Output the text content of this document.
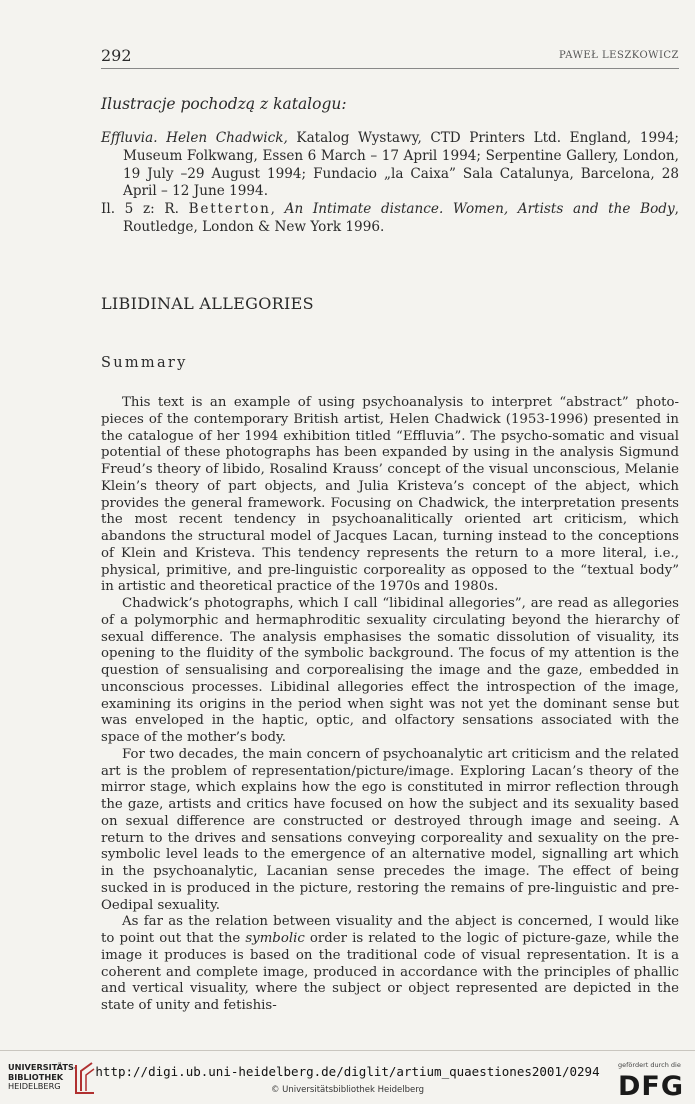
292	PAWEŁ LESZKOWICZ
Ilustracje pochodzą z katalogu:

Effluvia. Helen Chadwick, Katalog Wystawy, CTD Printers Ltd. England, 1994; Museum Folkwang, Essen 6 March – 17 April 1994; Serpentine Gallery, London, 19 July –29 August 1994; Fundacio „la Caixa” Sala Catalunya, Barcelona, 28 April – 12 June 1994.

Il. 5 z: R. Betterton, An Intimate distance. Women, Artists and the Body, Routledge, London & New York 1996.

LIBIDINAL ALLEGORIES
Summary

This text is an example of using psychoanalysis to interpret “abstract” photo-pieces of the contemporary British artist, Helen Chadwick (1953-1996) presented in the catalogue of her 1994 exhibition titled “Effluvia”. The psycho-somatic and visual potential of these photographs has been expanded by using in the analysis Sigmund Freud’s theory of libido, Rosalind Krauss’ concept of the visual unconscious, Melanie Klein’s theory of part objects, and Julia Kristeva’s concept of the abject, which provides the general framework. Focusing on Chadwick, the interpretation presents the most recent tendency in psychoanalitically oriented art criticism, which abandons the structural model of Jacques Lacan, turning instead to the conceptions of Klein and Kristeva. This tendency represents the return to a more literal, i.e., physical, primitive, and pre-linguistic corporeality as opposed to the “textual body” in artistic and theoretical practice of the 1970s and 1980s.

Chadwick’s photographs, which I call “libidinal allegories”, are read as allegories of a polymorphic and hermaphroditic sexuality circulating beyond the hierarchy of sexual difference. The analysis emphasises the somatic dissolution of visuality, its opening to the fluidity of the symbolic background. The focus of my attention is the question of sensualising and corporealising the image and the gaze, embedded in unconscious processes. Libidinal allegories effect the introspection of the image, examining its origins in the period when sight was not yet the dominant sense but was enveloped in the haptic, optic, and olfactory sensations associated with the space of the mother’s body.

For two decades, the main concern of psychoanalytic art criticism and the related art is the problem of representation/picture/image. Exploring Lacan’s theory of the mirror stage, which explains how the ego is constituted in mirror reflection through the gaze, artists and critics have focused on how the subject and its sexuality based on sexual difference are constructed or destroyed through image and seeing. A return to the drives and sensations conveying corporeality and sexuality on the pre-symbolic level leads to the emergence of an alternative model, signalling art which in the psychoanalytic, Lacanian sense precedes the image. The effect of being sucked in is produced in the picture, restoring the remains of pre-linguistic and pre-Oedipal sexuality.

As far as the relation between visuality and the abject is concerned, I would like to point out that the symbolic order is related to the logic of picture-gaze, while the image it produces is based on the traditional code of visual representation. It is a coherent and complete image, produced in accordance with the principles of phallic and vertical visuality, where the subject or object represented are depicted in the state of unity and fetishis-

UNIVERSITÄTS-
BIBLIOTHEK
HEIDELBERG
http://digi.ub.uni-heidelberg.de/diglit/artium_quaestiones2001/0294
© Universitätsbibliothek Heidelberg
gefördert durch die
DFG
